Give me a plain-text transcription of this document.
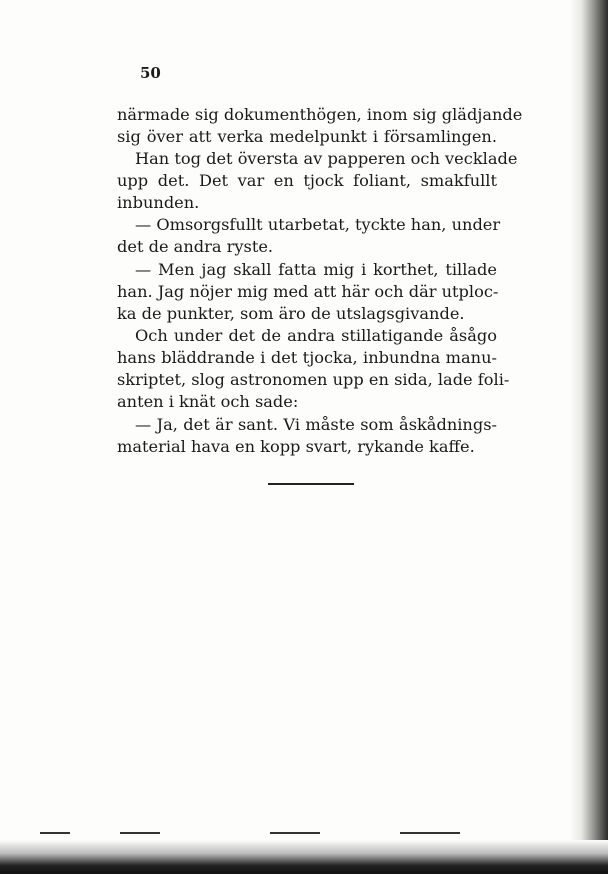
50
närmade sig dokumenthögen, inom sig glädjande
sig över att verka medelpunkt i församlingen.
Han tog det översta av papperen och vecklade
upp det. Det var en tjock foliant, smakfullt
inbunden.
— Omsorgsfullt utarbetat, tyckte han, under
det de andra ryste.
— Men jag skall fatta mig i korthet, tillade
han. Jag nöjer mig med att här och där utploc-
ka de punkter, som äro de utslagsgivande.
Och under det de andra stillatigande åsågo
hans bläddrande i det tjocka, inbundna manu-
skriptet, slog astronomen upp en sida, lade foli-
anten i knät och sade:
— Ja, det är sant. Vi måste som åskådnings-
material hava en kopp svart, rykande kaffe.
